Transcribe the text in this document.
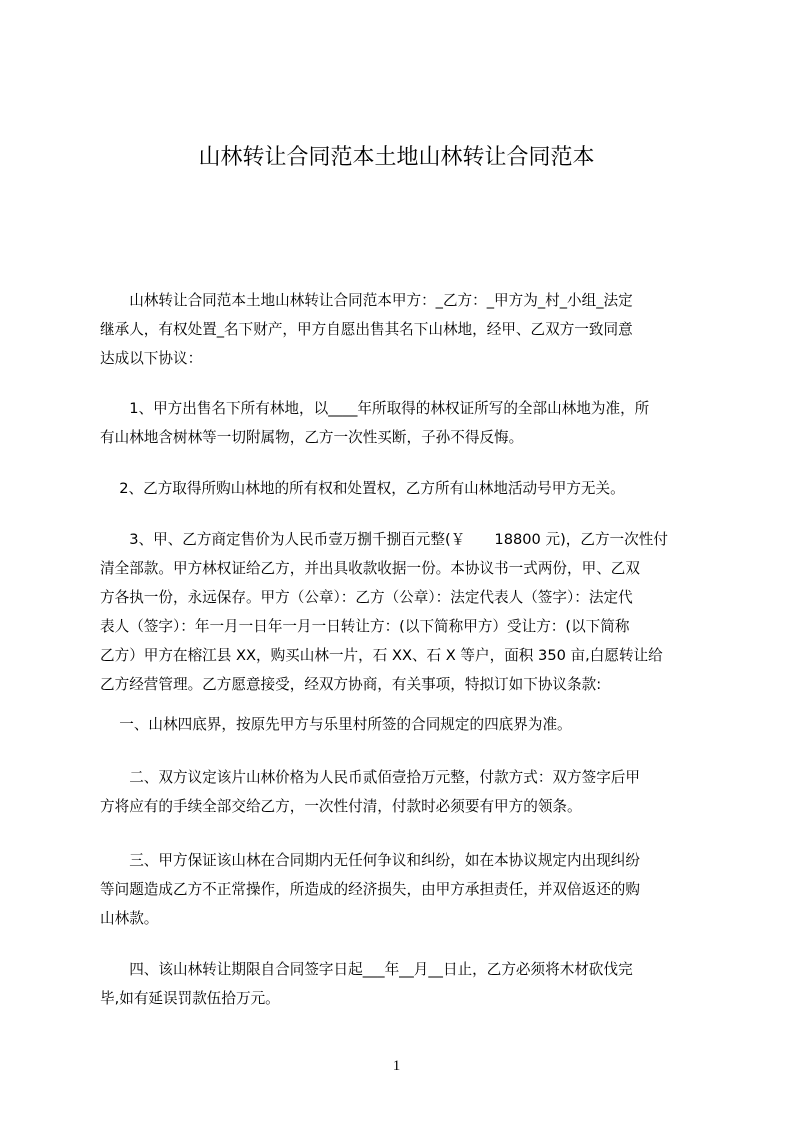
山林转让合同范本土地山林转让合同范本
　　山林转让合同范本土地山林转让合同范本甲方：_乙方：_甲方为_村_小组_法定
继承人，有权处置_名下财产，甲方自愿出售其名下山林地，经甲、乙双方一致同意
达成以下协议：
　　1、甲方出售名下所有林地，以____年所取得的林权证所写的全部山林地为准，所
有山林地含树林等一切附属物，乙方一次性买断，子孙不得反悔。
　 2、乙方取得所购山林地的所有权和处置权，乙方所有山林地活动号甲方无关。
　　3、甲、乙方商定售价为人民币壹万捌千捌百元整(￥　　18800 元)，乙方一次性付
清全部款。甲方林权证给乙方，并出具收款收据一份。本协议书一式两份，甲、乙双
方各执一份，永远保存。甲方（公章）：乙方（公章）：法定代表人（签字）：法定代
表人（签字）：年一月一日年一月一日转让方：(以下简称甲方）受让方：(以下简称
乙方）甲方在榕江县 XX，购买山林一片，石 XX、石 X 等户，面积 350 亩,白愿转让给
乙方经营管理。乙方愿意接受，经双方协商，有关事项，特拟订如下协议条款:
　 一、山林四底界，按原先甲方与乐里村所签的合同规定的四底界为准。
　　二、双方议定该片山林价格为人民币贰佰壹拾万元整，付款方式：双方签字后甲
方将应有的手续全部交给乙方，一次性付清，付款时必须要有甲方的领条。
　　三、甲方保证该山林在合同期内无任何争议和纠纷，如在本协议规定内出现纠纷
等问题造成乙方不正常操作，所造成的经济损失，由甲方承担责任，并双倍返还的购
山林款。
　　四、该山林转让期限自合同签字日起___年__月__日止，乙方必须将木材砍伐完
毕,如有延误罚款伍拾万元。
1
